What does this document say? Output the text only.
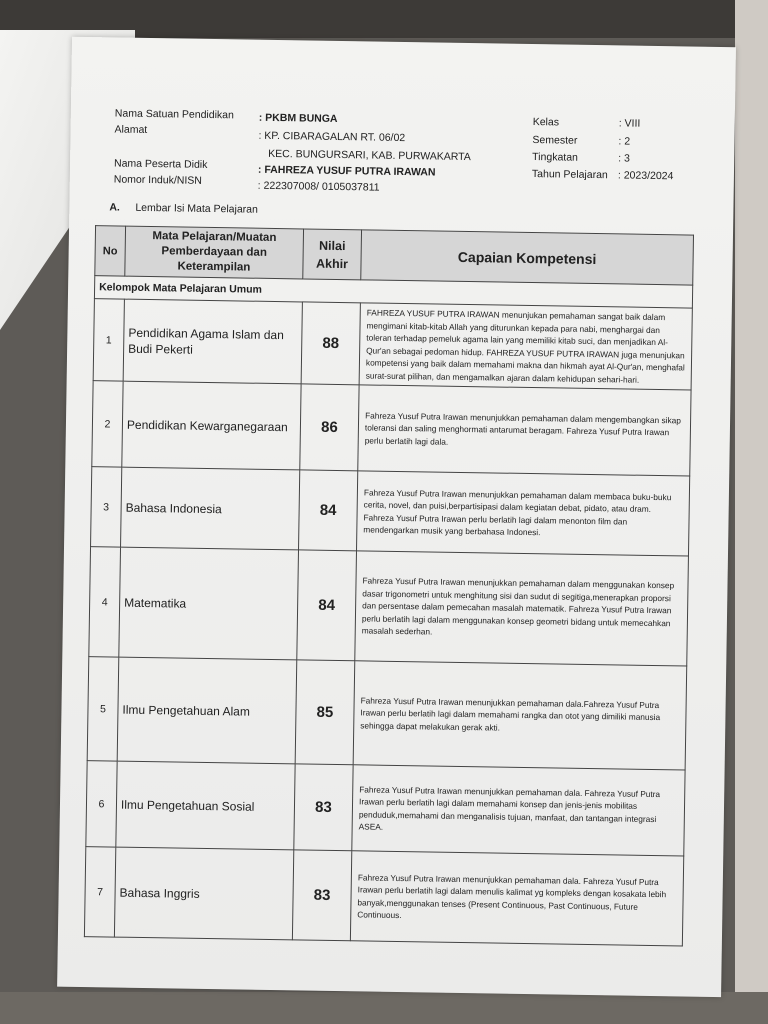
Nama Satuan Pendidikan : PKBM BUNGA
Alamat
: KP. CIBARAGALAN RT. 06/02
KEC. BUNGURSARI, KAB. PURWAKARTA
Nama Peserta Didik	: FAHREZA YUSUF PUTRA IRAWAN
Nomor Induk/NISN	: 222307008/ 0105037811
Kelas	: VIII
Semester	: 2
Tingkatan	: 3
Tahun Pelajaran : 2023/2024
A. Lembar Isi Mata Pelajaran
No	Mata Pelajaran/Muatan Pemberdayaan dan Keterampilan	Nilai Akhir	Capaian Kompetensi
Kelompok Mata Pelajaran Umum			
1	Pendidikan Agama Islam dan Budi Pekerti	88	FAHREZA YUSUF PUTRA IRAWAN menunjukan pemahaman sangat baik dalam mengimani kitab-kitab Allah yang diturunkan kepada para nabi, menghargai dan toleran terhadap pemeluk agama lain yang memiliki kitab suci, dan menjadikan Al-Qur'an sebagai pedoman hidup. FAHREZA YUSUF PUTRA IRAWAN juga menunjukan kompetensi yang baik dalam memahami makna dan hikmah ayat Al-Qur'an, menghafal surat-surat pilihan, dan mengamalkan ajaran dalam kehidupan sehari-hari.
2	Pendidikan Kewarganegaraan	86	Fahreza Yusuf Putra Irawan menunjukkan pemahaman dalam mengembangkan sikap toleransi dan saling menghormati antarumat beragam. Fahreza Yusuf Putra Irawan perlu berlatih lagi dala.
3	Bahasa Indonesia	84	Fahreza Yusuf Putra Irawan menunjukkan pemahaman dalam membaca buku-buku cerita, novel, dan puisi,berpartisipasi dalam kegiatan debat, pidato, atau dram. Fahreza Yusuf Putra Irawan perlu berlatih lagi dalam menonton film dan mendengarkan musik yang berbahasa Indonesi.
4	Matematika	84	Fahreza Yusuf Putra Irawan menunjukkan pemahaman dalam menggunakan konsep dasar trigonometri untuk menghitung sisi dan sudut di segitiga,menerapkan proporsi dan persentase dalam pemecahan masalah matematik. Fahreza Yusuf Putra Irawan perlu berlatih lagi dalam menggunakan konsep geometri bidang untuk memecahkan masalah sederhan.
5	Ilmu Pengetahuan Alam	85	Fahreza Yusuf Putra Irawan menunjukkan pemahaman dala.Fahreza Yusuf Putra Irawan perlu berlatih lagi dalam memahami rangka dan otot yang dimiliki manusia sehingga dapat melakukan gerak akti.
6	Ilmu Pengetahuan Sosial	83	Fahreza Yusuf Putra Irawan menunjukkan pemahaman dala. Fahreza Yusuf Putra Irawan perlu berlatih lagi dalam memahami konsep dan jenis-jenis mobilitas penduduk,memahami dan menganalisis tujuan, manfaat, dan tantangan integrasi ASEA.
7	Bahasa Inggris	83	Fahreza Yusuf Putra Irawan menunjukkan pemahaman dala. Fahreza Yusuf Putra Irawan perlu berlatih lagi dalam menulis kalimat yg kompleks dengan kosakata lebih banyak,menggunakan tenses (Present Continuous, Past Continuous, Future Continuous.
